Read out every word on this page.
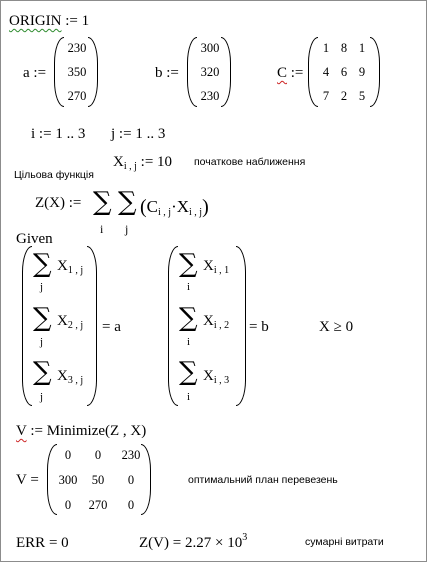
ORIGIN := 1
a :=
230
350
270
b :=
300
320
230
C :=
1 8 1
4 6 9
7 2 5
i := 1 .. 3 j := 1 .. 3
$X_{i , j}$ := 10 початкове наближення
Цільова функція
Z(X) := ∑ ∑
i j
(Ci , j·Xi , j)
Given
∑
∑
∑
j
j
j
$X_{1 , j}$
$X_{2 , j}$
$X_{3 , j}$
= a
∑
∑
∑
i
i
i
$X_{i , 1}$
$X_{i , 2}$
$X_{i , 3}$
= b	X ≥ 0
V := Minimize(Z , X)
V =
0	0	230
300	50	0
0	270	0
оптимальний план перевезень
ERR = 0	$Z(V) = 2.27 \times 10^3$	сумарні витрати
